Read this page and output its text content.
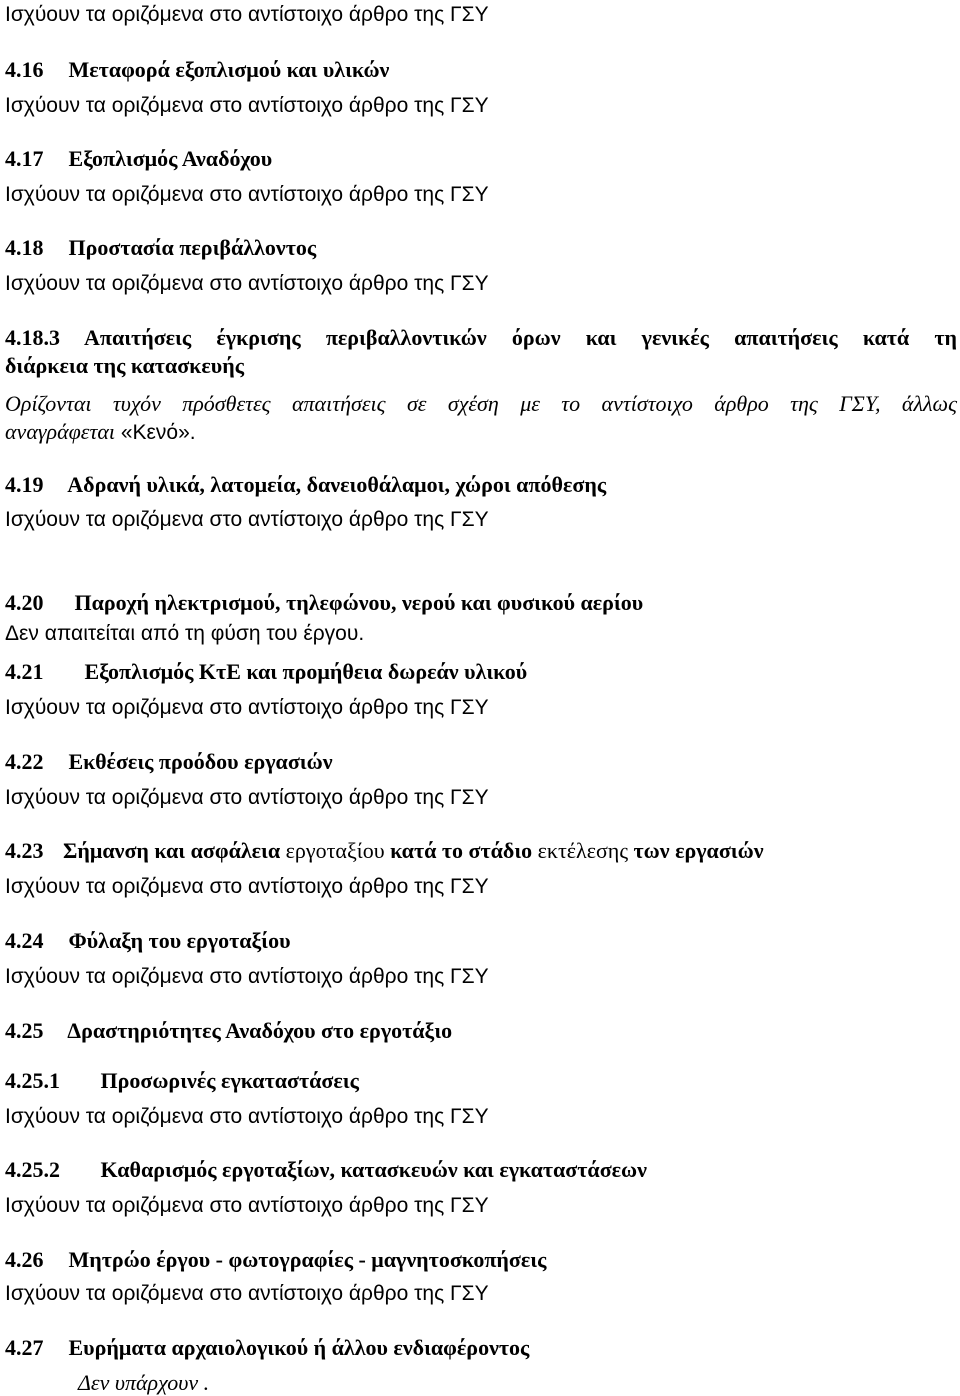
Ισχύουν τα οριζόμενα στο αντίστοιχο άρθρο της ΓΣΥ
4.16 Μεταφορά εξοπλισμού και υλικών
Ισχύουν τα οριζόμενα στο αντίστοιχο άρθρο της ΓΣΥ
4.17 Εξοπλισμός Αναδόχου
Ισχύουν τα οριζόμενα στο αντίστοιχο άρθρο της ΓΣΥ
4.18 Προστασία περιβάλλοντος
Ισχύουν τα οριζόμενα στο αντίστοιχο άρθρο της ΓΣΥ
4.18.3 Απαιτήσεις έγκρισης περιβαλλοντικών όρων και γενικές απαιτήσεις κατά τη
διάρκεια της κατασκευής
Ορίζονται τυχόν πρόσθετες απαιτήσεις σε σχέση με το αντίστοιχο άρθρο της ΓΣΥ, άλλως
αναγράφεται «Κενό».
4.19 Αδρανή υλικά, λατομεία, δανειοθάλαμοι, χώροι απόθεσης
Ισχύουν τα οριζόμενα στο αντίστοιχο άρθρο της ΓΣΥ
4.20 Παροχή ηλεκτρισμού, τηλεφώνου, νερού και φυσικού αερίου
Δεν απαιτείται από τη φύση του έργου.
4.21 Εξοπλισμός ΚτΕ και προμήθεια δωρεάν υλικού
Ισχύουν τα οριζόμενα στο αντίστοιχο άρθρο της ΓΣΥ
4.22 Εκθέσεις προόδου εργασιών
Ισχύουν τα οριζόμενα στο αντίστοιχο άρθρο της ΓΣΥ
4.23 Σήμανση και ασφάλεια εργοταξίου κατά το στάδιο εκτέλεσης των εργασιών
Ισχύουν τα οριζόμενα στο αντίστοιχο άρθρο της ΓΣΥ
4.24 Φύλαξη του εργοταξίου
Ισχύουν τα οριζόμενα στο αντίστοιχο άρθρο της ΓΣΥ
4.25 Δραστηριότητες Αναδόχου στο εργοτάξιο
4.25.1 Προσωρινές εγκαταστάσεις
Ισχύουν τα οριζόμενα στο αντίστοιχο άρθρο της ΓΣΥ
4.25.2 Καθαρισμός εργοταξίων, κατασκευών και εγκαταστάσεων
Ισχύουν τα οριζόμενα στο αντίστοιχο άρθρο της ΓΣΥ
4.26 Μητρώο έργου - φωτογραφίες - μαγνητοσκοπήσεις
Ισχύουν τα οριζόμενα στο αντίστοιχο άρθρο της ΓΣΥ
4.27 Ευρήματα αρχαιολογικού ή άλλου ενδιαφέροντος
Δεν υπάρχουν .
